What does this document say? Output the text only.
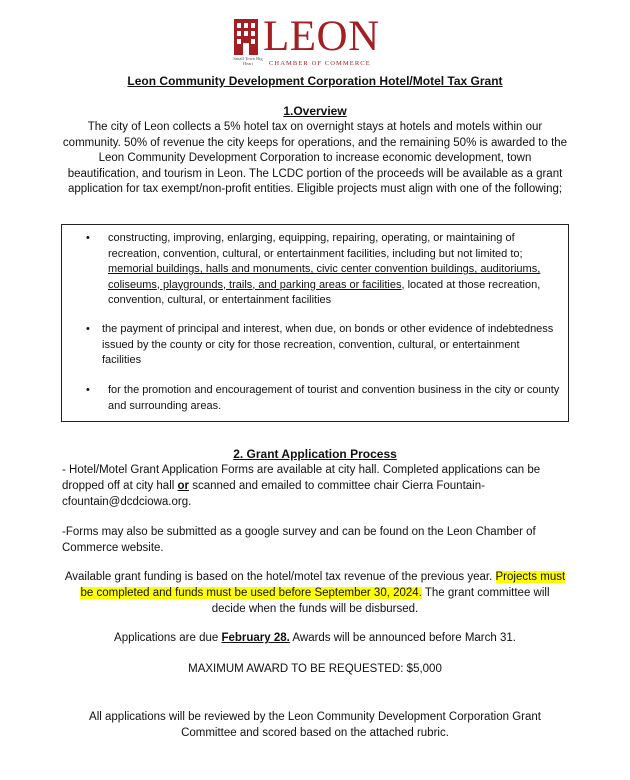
Small Town Big Heart
LEON
CHAMBER OF COMMERCE
Leon Community Development Corporation Hotel/Motel Tax Grant
1.Overview

The city of Leon collects a 5% hotel tax on overnight stays at hotels and motels within our community. 50% of revenue the city keeps for operations, and the remaining 50% is awarded to the Leon Community Development Corporation to increase economic development, town beautification, and tourism in Leon. The LCDC portion of the proceeds will be available as a grant application for tax exempt/non-profit entities. Eligible projects must align with one of the following;

• constructing, improving, enlarging, equipping, repairing, operating, or maintaining of recreation, convention, cultural, or entertainment facilities, including but not limited to; memorial buildings, halls and monuments, civic center convention buildings, auditoriums, coliseums, playgrounds, trails, and parking areas or facilities, located at those recreation, convention, cultural, or entertainment facilities
• the payment of principal and interest, when due, on bonds or other evidence of indebtedness issued by the county or city for those recreation, convention, cultural, or entertainment facilities
• for the promotion and encouragement of tourist and convention business in the city or county and surrounding areas.
2. Grant Application Process

- Hotel/Motel Grant Application Forms are available at city hall. Completed applications can be dropped off at city hall or scanned and emailed to committee chair Cierra Fountain-cfountain@dcdciowa.org.

-Forms may also be submitted as a google survey and can be found on the Leon Chamber of Commerce website.

Available grant funding is based on the hotel/motel tax revenue of the previous year. Projects must be completed and funds must be used before September 30, 2024. The grant committee will decide when the funds will be disbursed.

Applications are due February 28. Awards will be announced before March 31.

MAXIMUM AWARD TO BE REQUESTED: $5,000

All applications will be reviewed by the Leon Community Development Corporation Grant Committee and scored based on the attached rubric.
